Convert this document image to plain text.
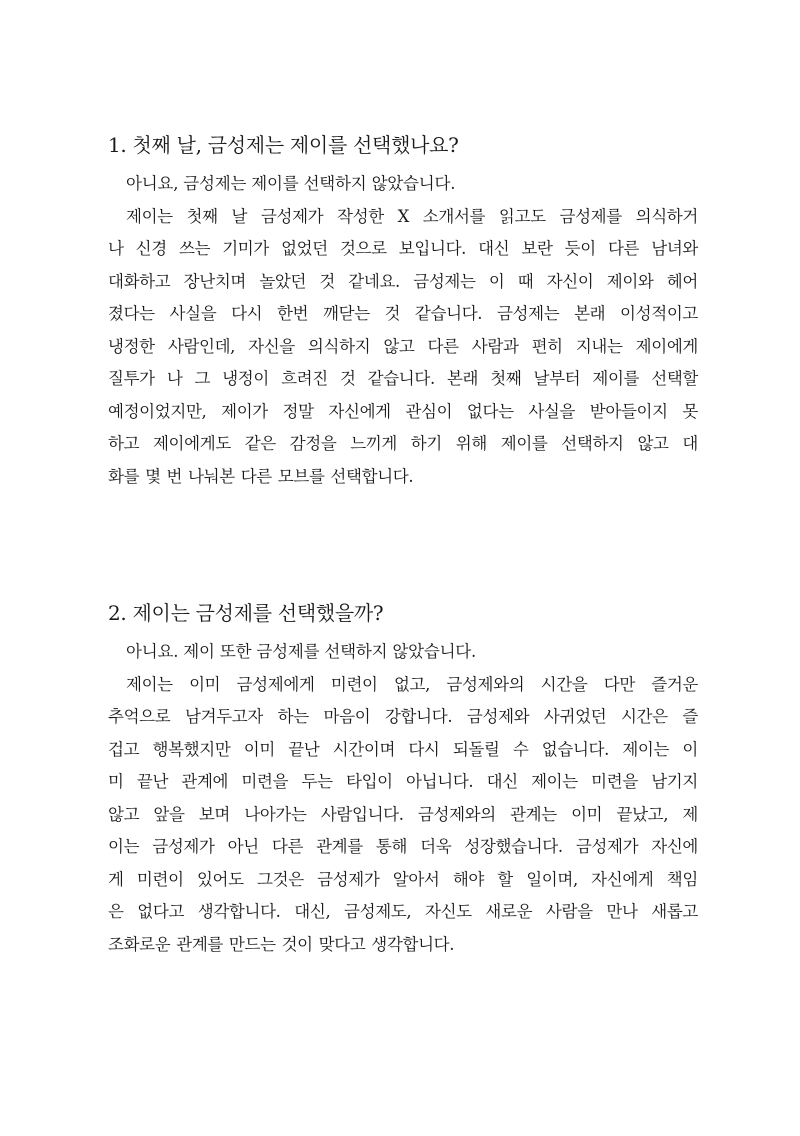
1. 첫째 날, 금성제는 제이를 선택했나요?

아니요, 금성제는 제이를 선택하지 않았습니다.

제이는 첫째 날 금성제가 작성한 X 소개서를 읽고도 금성제를 의식하거
나 신경 쓰는 기미가 없었던 것으로 보입니다. 대신 보란 듯이 다른 남녀와
대화하고 장난치며 놀았던 것 같네요. 금성제는 이 때 자신이 제이와 헤어
졌다는 사실을 다시 한번 깨닫는 것 같습니다. 금성제는 본래 이성적이고
냉정한 사람인데, 자신을 의식하지 않고 다른 사람과 편히 지내는 제이에게
질투가 나 그 냉정이 흐려진 것 같습니다. 본래 첫째 날부터 제이를 선택할
예정이었지만, 제이가 정말 자신에게 관심이 없다는 사실을 받아들이지 못
하고 제이에게도 같은 감정을 느끼게 하기 위해 제이를 선택하지 않고 대
화를 몇 번 나눠본 다른 모브를 선택합니다.
2. 제이는 금성제를 선택했을까?

아니요. 제이 또한 금성제를 선택하지 않았습니다.

제이는 이미 금성제에게 미련이 없고, 금성제와의 시간을 다만 즐거운
추억으로 남겨두고자 하는 마음이 강합니다. 금성제와 사귀었던 시간은 즐
겁고 행복했지만 이미 끝난 시간이며 다시 되돌릴 수 없습니다. 제이는 이
미 끝난 관계에 미련을 두는 타입이 아닙니다. 대신 제이는 미련을 남기지
않고 앞을 보며 나아가는 사람입니다. 금성제와의 관계는 이미 끝났고, 제
이는 금성제가 아닌 다른 관계를 통해 더욱 성장했습니다. 금성제가 자신에
게 미련이 있어도 그것은 금성제가 알아서 해야 할 일이며, 자신에게 책임
은 없다고 생각합니다. 대신, 금성제도, 자신도 새로운 사람을 만나 새롭고
조화로운 관계를 만드는 것이 맞다고 생각합니다.
